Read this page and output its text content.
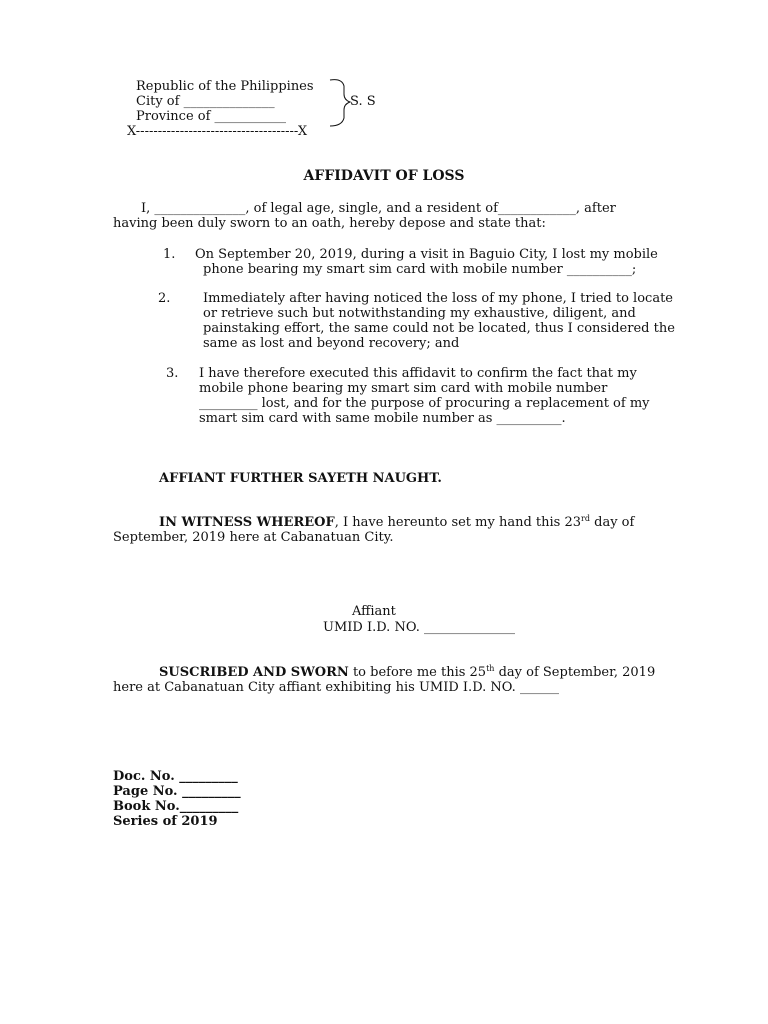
Republic of the Philippines
City of ______________
Province of ___________
S. S
X-------------------------------------X
AFFIDAVIT OF LOSS
I, ______________, of legal age, single, and a resident of____________, after
having been duly sworn to an oath, hereby depose and state that:
1. On September 20, 2019, during a visit in Baguio City, I lost my mobile
phone bearing my smart sim card with mobile number __________;
2.	Immediately after having noticed the loss of my phone, I tried to locate
or retrieve such but notwithstanding my exhaustive, diligent, and
painstaking effort, the same could not be located, thus I considered the
same as lost and beyond recovery; and
3. I have therefore executed this affidavit to confirm the fact that my
mobile phone bearing my smart sim card with mobile number
_________ lost, and for the purpose of procuring a replacement of my
smart sim card with same mobile number as __________.
AFFIANT FURTHER SAYETH NAUGHT.
IN WITNESS WHEREOF, I have hereunto set my hand this 23rd day of
September, 2019 here at Cabanatuan City.
Affiant
UMID I.D. NO. ______________
SUSCRIBED AND SWORN to before me this 25th day of September, 2019
here at Cabanatuan City affiant exhibiting his UMID I.D. NO. ______
Doc. No. _________
Page No. _________
Book No._________
Series of 2019
